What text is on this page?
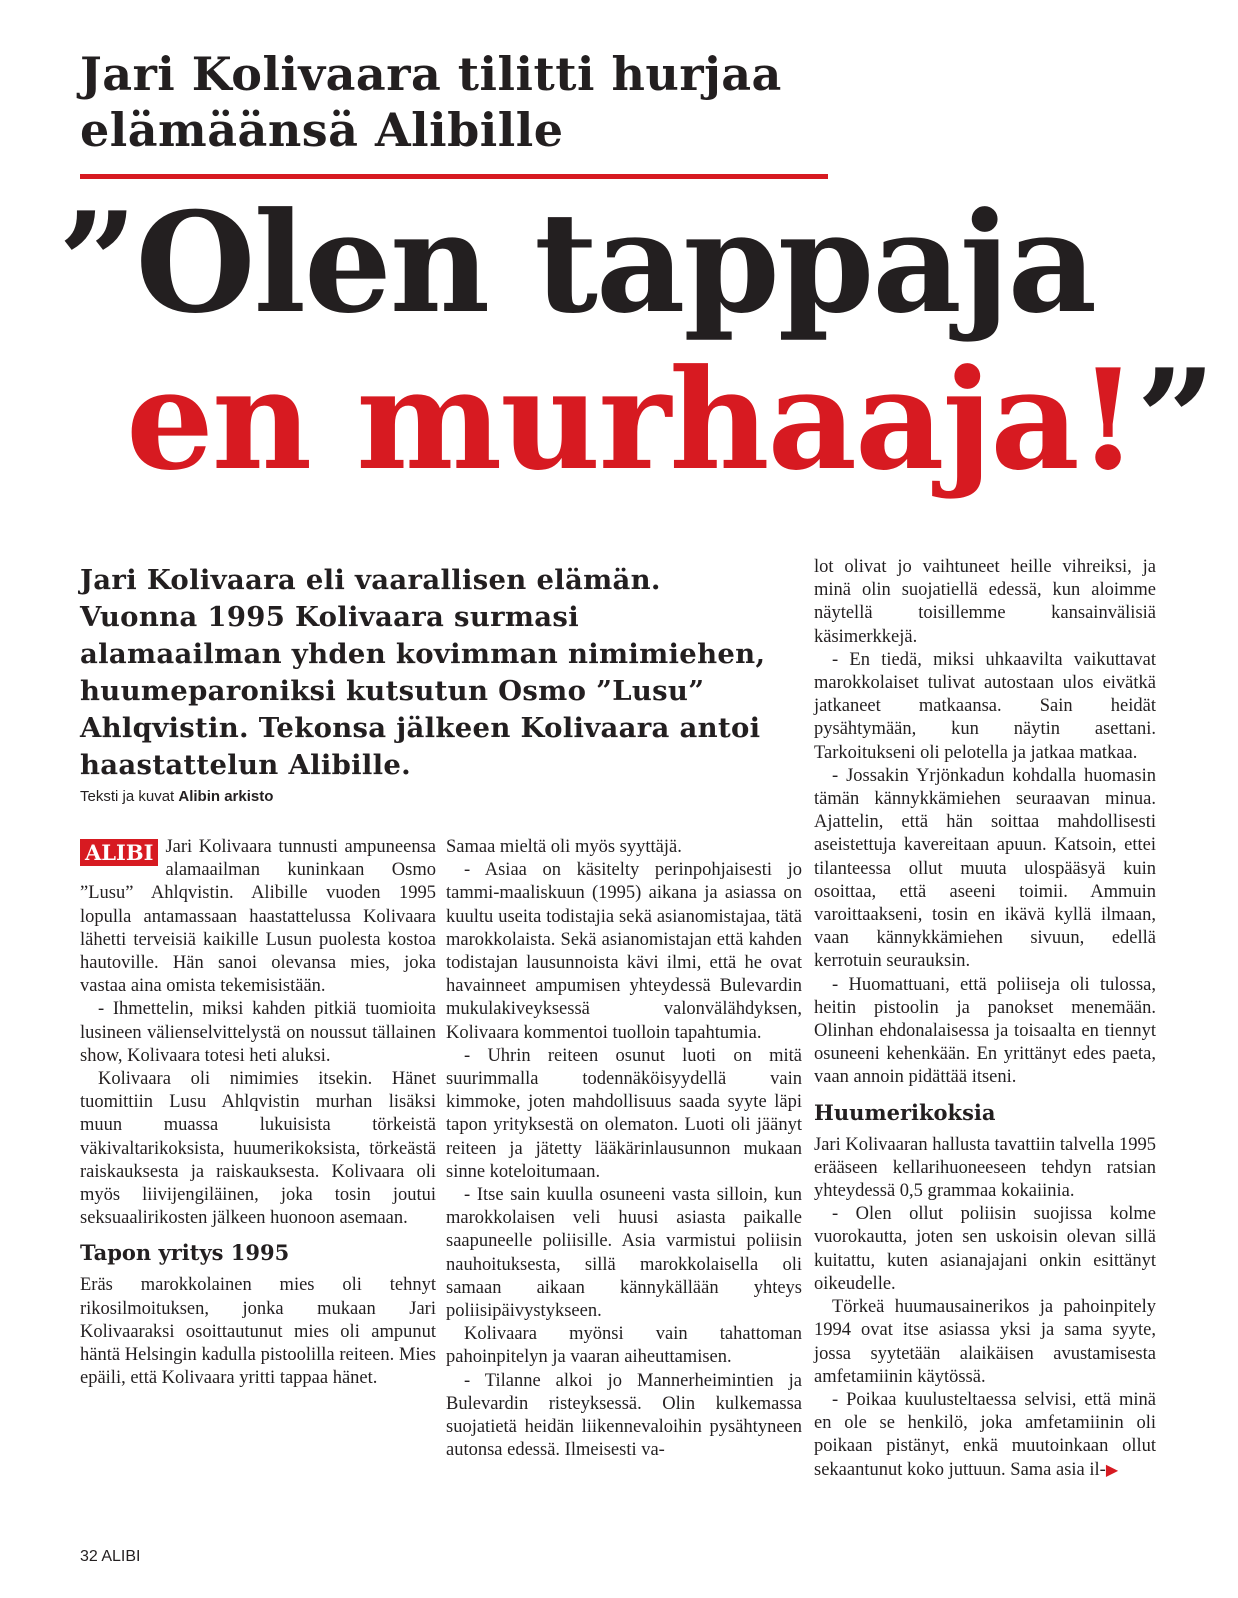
Jari Kolivaara tilitti hurjaa elämäänsä Alibille
”Olen tappaja
en murhaaja!”
Jari Kolivaara eli vaarallisen elämän. Vuonna 1995 Kolivaara surmasi alamaailman yhden kovimman nimimiehen, huumeparoniksi kutsutun Osmo ”Lusu” Ahlqvistin. Tekonsa jälkeen Kolivaara antoi haastattelun Alibille.
Teksti ja kuvat Alibin arkisto

ALIBI Jari Kolivaara tunnusti ampuneensa alamaailman kuninkaan Osmo ”Lusu” Ahlqvistin. Alibille vuoden 1995 lopulla antamassaan haastattelussa Kolivaara lähetti terveisiä kaikille Lusun puolesta kostoa hautoville. Hän sanoi olevansa mies, joka vastaa aina omista tekemisistään.

- Ihmettelin, miksi kahden pitkiä tuomioita lusineen välienselvittelystä on noussut tällainen show, Kolivaara totesi heti aluksi.

Kolivaara oli nimimies itsekin. Hänet tuomittiin Lusu Ahlqvistin murhan lisäksi muun muassa lukuisista törkeistä väkivaltarikoksista, huumerikoksista, törkeästä raiskauksesta ja raiskauksesta. Kolivaara oli myös liivijengiläinen, joka tosin joutui seksuaalirikosten jälkeen huonoon asemaan.

Tapon yritys 1995

Eräs marokkolainen mies oli tehnyt rikosilmoituksen, jonka mukaan Jari Kolivaaraksi osoittautunut mies oli ampunut häntä Helsingin kadulla pistoolilla reiteen. Mies epäili, että Kolivaara yritti tappaa hänet.

Samaa mieltä oli myös syyttäjä.

- Asiaa on käsitelty perinpohjaisesti jo tammi-maaliskuun (1995) aikana ja asiassa on kuultu useita todistajia sekä asianomistajaa, tätä marokkolaista. Sekä asianomistajan että kahden todistajan lausunnoista kävi ilmi, että he ovat havainneet ampumisen yhteydessä Bulevardin mukulakiveyksessä valonvälähdyksen, Kolivaara kommentoi tuolloin tapahtumia.

- Uhrin reiteen osunut luoti on mitä suurimmalla todennäköisyydellä vain kimmoke, joten mahdollisuus saada syyte läpi tapon yrityksestä on olematon. Luoti oli jäänyt reiteen ja jätetty lääkärinlausunnon mukaan sinne koteloitumaan.

- Itse sain kuulla osuneeni vasta silloin, kun marokkolaisen veli huusi asiasta paikalle saapuneelle poliisille. Asia varmistui poliisin nauhoituksesta, sillä marokkolaisella oli samaan aikaan kännykällään yhteys poliisipäivystykseen.

Kolivaara myönsi vain tahattoman pahoinpitelyn ja vaaran aiheuttamisen.

- Tilanne alkoi jo Mannerheimintien ja Bulevardin risteyksessä. Olin kulkemassa suojatietä heidän liikennevaloihin pysähtyneen autonsa edessä. Ilmeisesti va-

lot olivat jo vaihtuneet heille vihreiksi, ja minä olin suojatiellä edessä, kun aloimme näytellä toisillemme kansainvälisiä käsimerkkejä.

- En tiedä, miksi uhkaavilta vaikuttavat marokkolaiset tulivat autostaan ulos eivätkä jatkaneet matkaansa. Sain heidät pysähtymään, kun näytin asettani. Tarkoitukseni oli pelotella ja jatkaa matkaa.

- Jossakin Yrjönkadun kohdalla huomasin tämän kännykkämiehen seuraavan minua. Ajattelin, että hän soittaa mahdollisesti aseistettuja kavereitaan apuun. Katsoin, ettei tilanteessa ollut muuta ulospääsyä kuin osoittaa, että aseeni toimii. Ammuin varoittaakseni, tosin en ikävä kyllä ilmaan, vaan kännykkämiehen sivuun, edellä kerrotuin seurauksin.

- Huomattuani, että poliiseja oli tulossa, heitin pistoolin ja panokset menemään. Olinhan ehdonalaisessa ja toisaalta en tiennyt osuneeni kehenkään. En yrittänyt edes paeta, vaan annoin pidättää itseni.

Huumerikoksia

Jari Kolivaaran hallusta tavattiin talvella 1995 erääseen kellarihuoneeseen tehdyn ratsian yhteydessä 0,5 grammaa kokaiinia.

- Olen ollut poliisin suojissa kolme vuorokautta, joten sen uskoisin olevan sillä kuitattu, kuten asianajajani onkin esittänyt oikeudelle.

Törkeä huumausainerikos ja pahoinpitely 1994 ovat itse asiassa yksi ja sama syyte, jossa syytetään alaikäisen avustamisesta amfetamiinin käytössä.

- Poikaa kuulusteltaessa selvisi, että minä en ole se henkilö, joka amfetamiinin oli poikaan pistänyt, enkä muutoinkaan ollut sekaantunut koko juttuun. Sama asia il-▶

32 ALIBI
